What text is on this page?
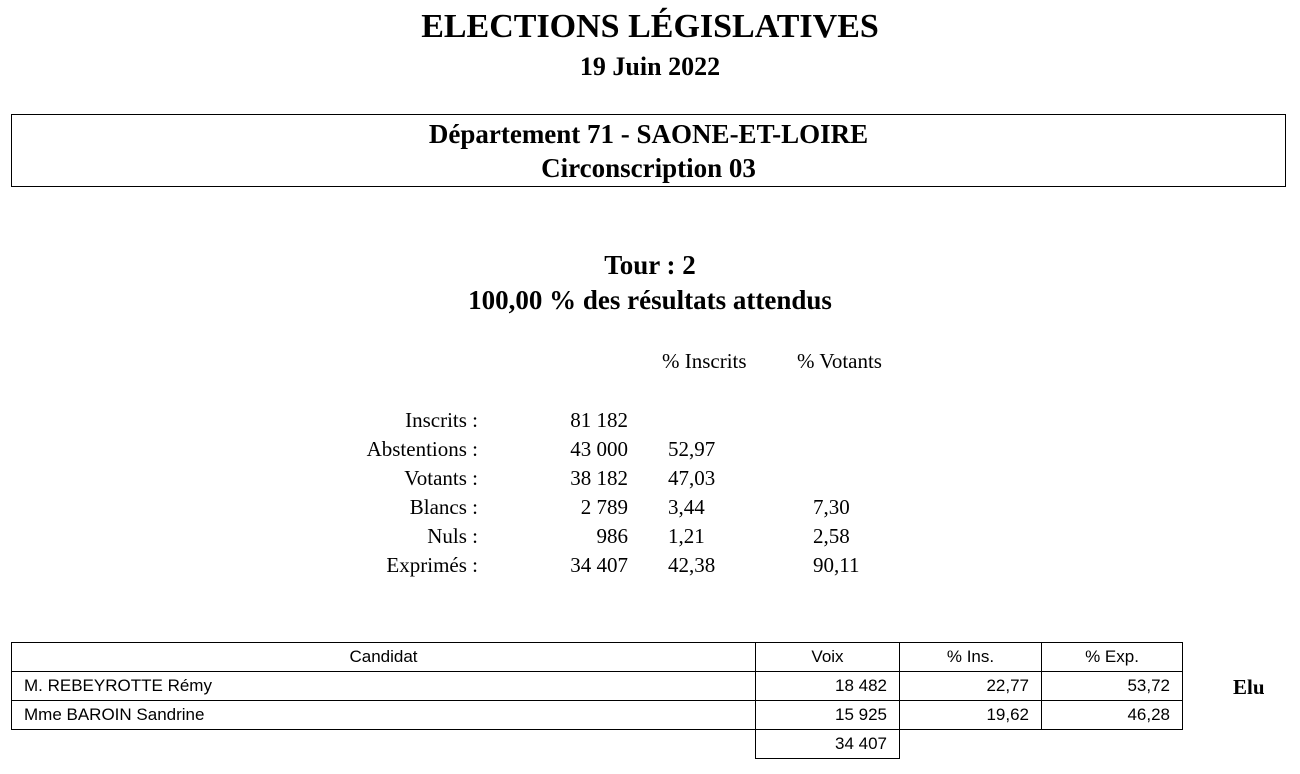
ELECTIONS LÉGISLATIVES
19 Juin 2022
Département 71 - SAONE-ET-LOIRE
Circonscription 03
Tour : 2
100,00 % des résultats attendus
% Inscrits % Votants
Inscrits :	81 182
Abstentions :	43 000 52,97
Votants :	38 182 47,03
Blancs :	2 789 3,44	7,30
Nuls :	986 1,21	2,58
Exprimés :	34 407 42,38	90,11
Candidat	Voix	% Ins.	% Exp.
M. REBEYROTTE Rémy	18 482	22,77	53,72
Mme BAROIN Sandrine	15 925	19,62	46,28
	34 407		
Elu
